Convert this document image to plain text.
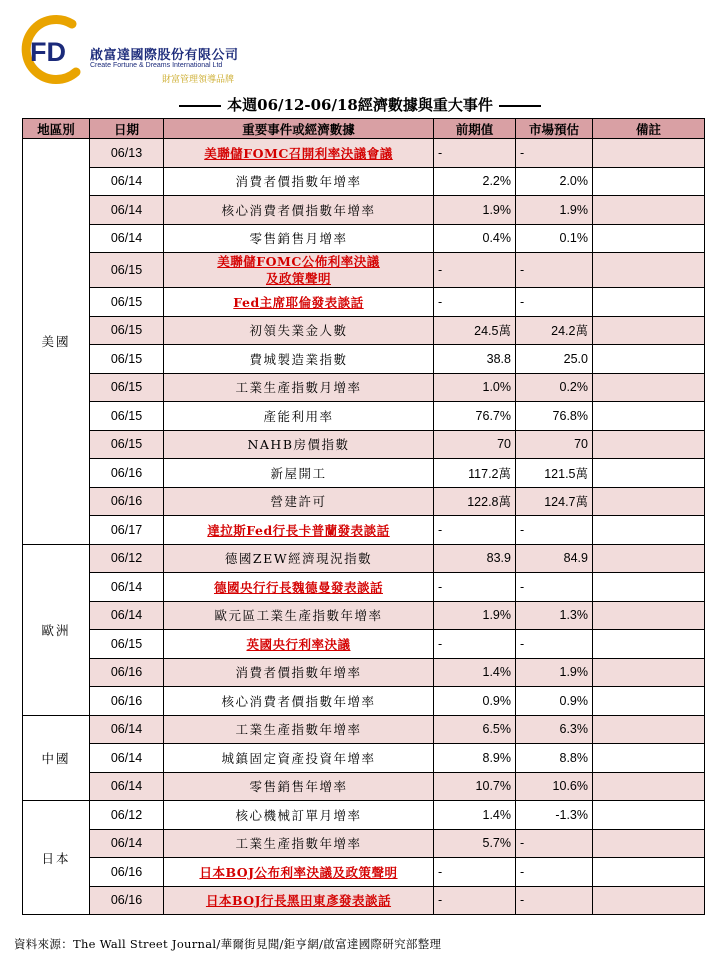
FD 啟富達國際股份有限公司
Create Fortune & Dreams International Ltd
財富管理領導品牌
本週06/12-06/18經濟數據與重大事件
地區別	日期	重要事件或經濟數據	前期值	市場預估	備註
美國	06/13	美聯儲FOMC召開利率決議會議	-	-	
	06/14	消費者價指數年增率	2.2%	2.0%	
	06/14	核心消費者價指數年增率	1.9%	1.9%	
	06/14	零售銷售月增率	0.4%	0.1%	
	06/15	美聯儲FOMC公佈利率決議
及政策聲明	-	-	
	06/15	Fed主席耶倫發表談話	-	-	
	06/15	初領失業金人數	24.5萬	24.2萬	
	06/15	費城製造業指數	38.8	25.0	
	06/15	工業生產指數月增率	1.0%	0.2%	
	06/15	產能利用率	76.7%	76.8%	
	06/15	NAHB房價指數	70	70	
	06/16	新屋開工	117.2萬	121.5萬	
	06/16	營建許可	122.8萬	124.7萬	
	06/17	達拉斯Fed行長卡普蘭發表談話	-	-	
歐洲	06/12	德國ZEW經濟現況指數	83.9	84.9	
	06/14	德國央行行長魏德曼發表談話	-	-	
	06/14	歐元區工業生產指數年增率	1.9%	1.3%	
	06/15	英國央行利率決議	-	-	
	06/16	消費者價指數年增率	1.4%	1.9%	
	06/16	核心消費者價指數年增率	0.9%	0.9%	
中國	06/14	工業生產指數年增率	6.5%	6.3%	
	06/14	城鎮固定資產投資年增率	8.9%	8.8%	
	06/14	零售銷售年增率	10.7%	10.6%	
日本	06/12	核心機械訂單月增率	1.4%	-1.3%	
	06/14	工業生產指數年增率	5.7%	-	
	06/16	日本BOJ公布利率決議及政策聲明	-	-	
	06/16	日本BOJ行長黑田東彥發表談話	-	-	
資料來源：The Wall Street Journal/華爾街見聞/鉅亨網/啟富達國際研究部整理
